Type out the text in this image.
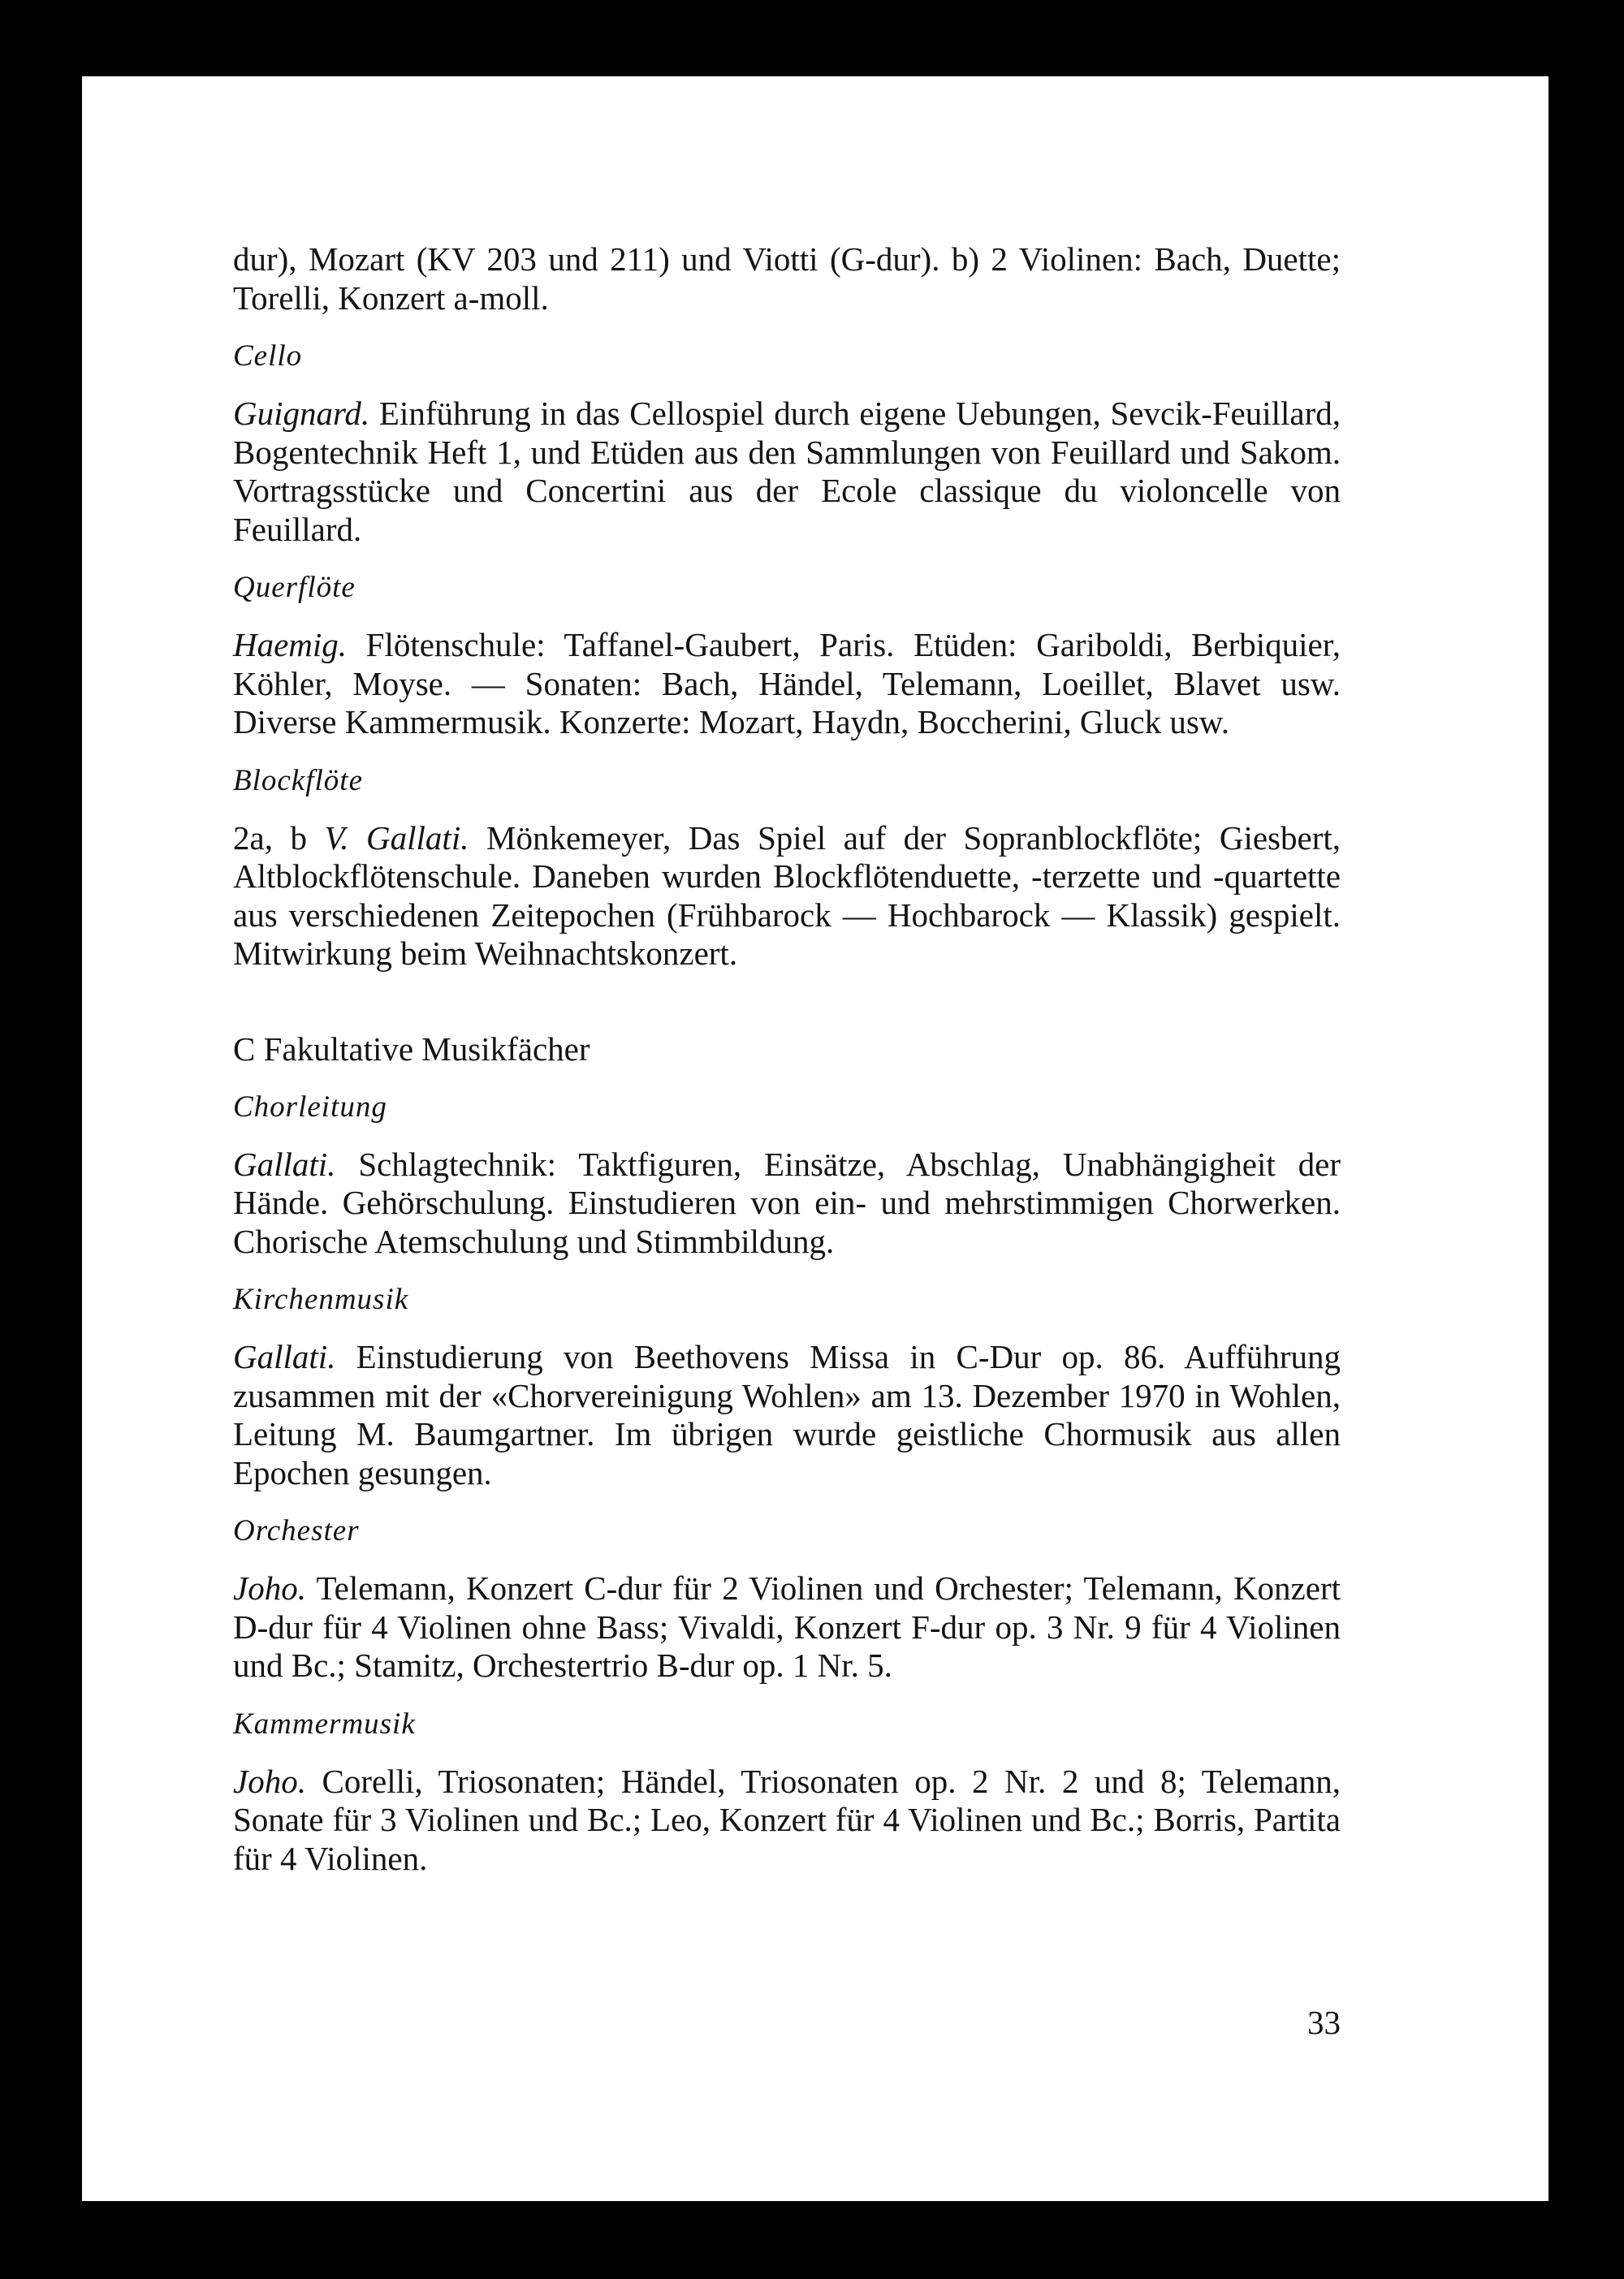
dur), Mozart (KV 203 und 211) und Viotti (G-dur). b) 2 Violinen: Bach, Duette; Torelli, Konzert a-moll.

Cello

Guignard. Einführung in das Cellospiel durch eigene Uebungen, Sevcik-Feuillard, Bogentechnik Heft 1, und Etüden aus den Sammlungen von Feuillard und Sakom. Vortragsstücke und Concertini aus der Ecole classique du violoncelle von Feuillard.

Querflöte

Haemig. Flötenschule: Taffanel-Gaubert, Paris. Etüden: Gariboldi, Berbiquier, Köhler, Moyse. — Sonaten: Bach, Händel, Telemann, Loeillet, Blavet usw. Diverse Kammermusik. Konzerte: Mozart, Haydn, Boccherini, Gluck usw.

Blockflöte

2a, b V. Gallati. Mönkemeyer, Das Spiel auf der Sopranblockflöte; Giesbert, Altblockflötenschule. Daneben wurden Blockflötenduette, -terzette und -quartette aus verschiedenen Zeitepochen (Frühbarock — Hochbarock — Klassik) gespielt. Mitwirkung beim Weihnachtskonzert.

C Fakultative Musikfächer
Chorleitung

Gallati. Schlagtechnik: Taktfiguren, Einsätze, Abschlag, Unabhängigheit der Hände. Gehörschulung. Einstudieren von ein- und mehrstimmigen Chorwerken. Chorische Atemschulung und Stimmbildung.

Kirchenmusik

Gallati. Einstudierung von Beethovens Missa in C-Dur op. 86. Aufführung zusammen mit der «Chorvereinigung Wohlen» am 13. Dezember 1970 in Wohlen, Leitung M. Baumgartner. Im übrigen wurde geistliche Chormusik aus allen Epochen gesungen.

Orchester

Joho. Telemann, Konzert C-dur für 2 Violinen und Orchester; Telemann, Konzert D-dur für 4 Violinen ohne Bass; Vivaldi, Konzert F-dur op. 3 Nr. 9 für 4 Violinen und Bc.; Stamitz, Orchestertrio B-dur op. 1 Nr. 5.

Kammermusik

Joho. Corelli, Triosonaten; Händel, Triosonaten op. 2 Nr. 2 und 8; Telemann, Sonate für 3 Violinen und Bc.; Leo, Konzert für 4 Violinen und Bc.; Borris, Partita für 4 Violinen.

33
